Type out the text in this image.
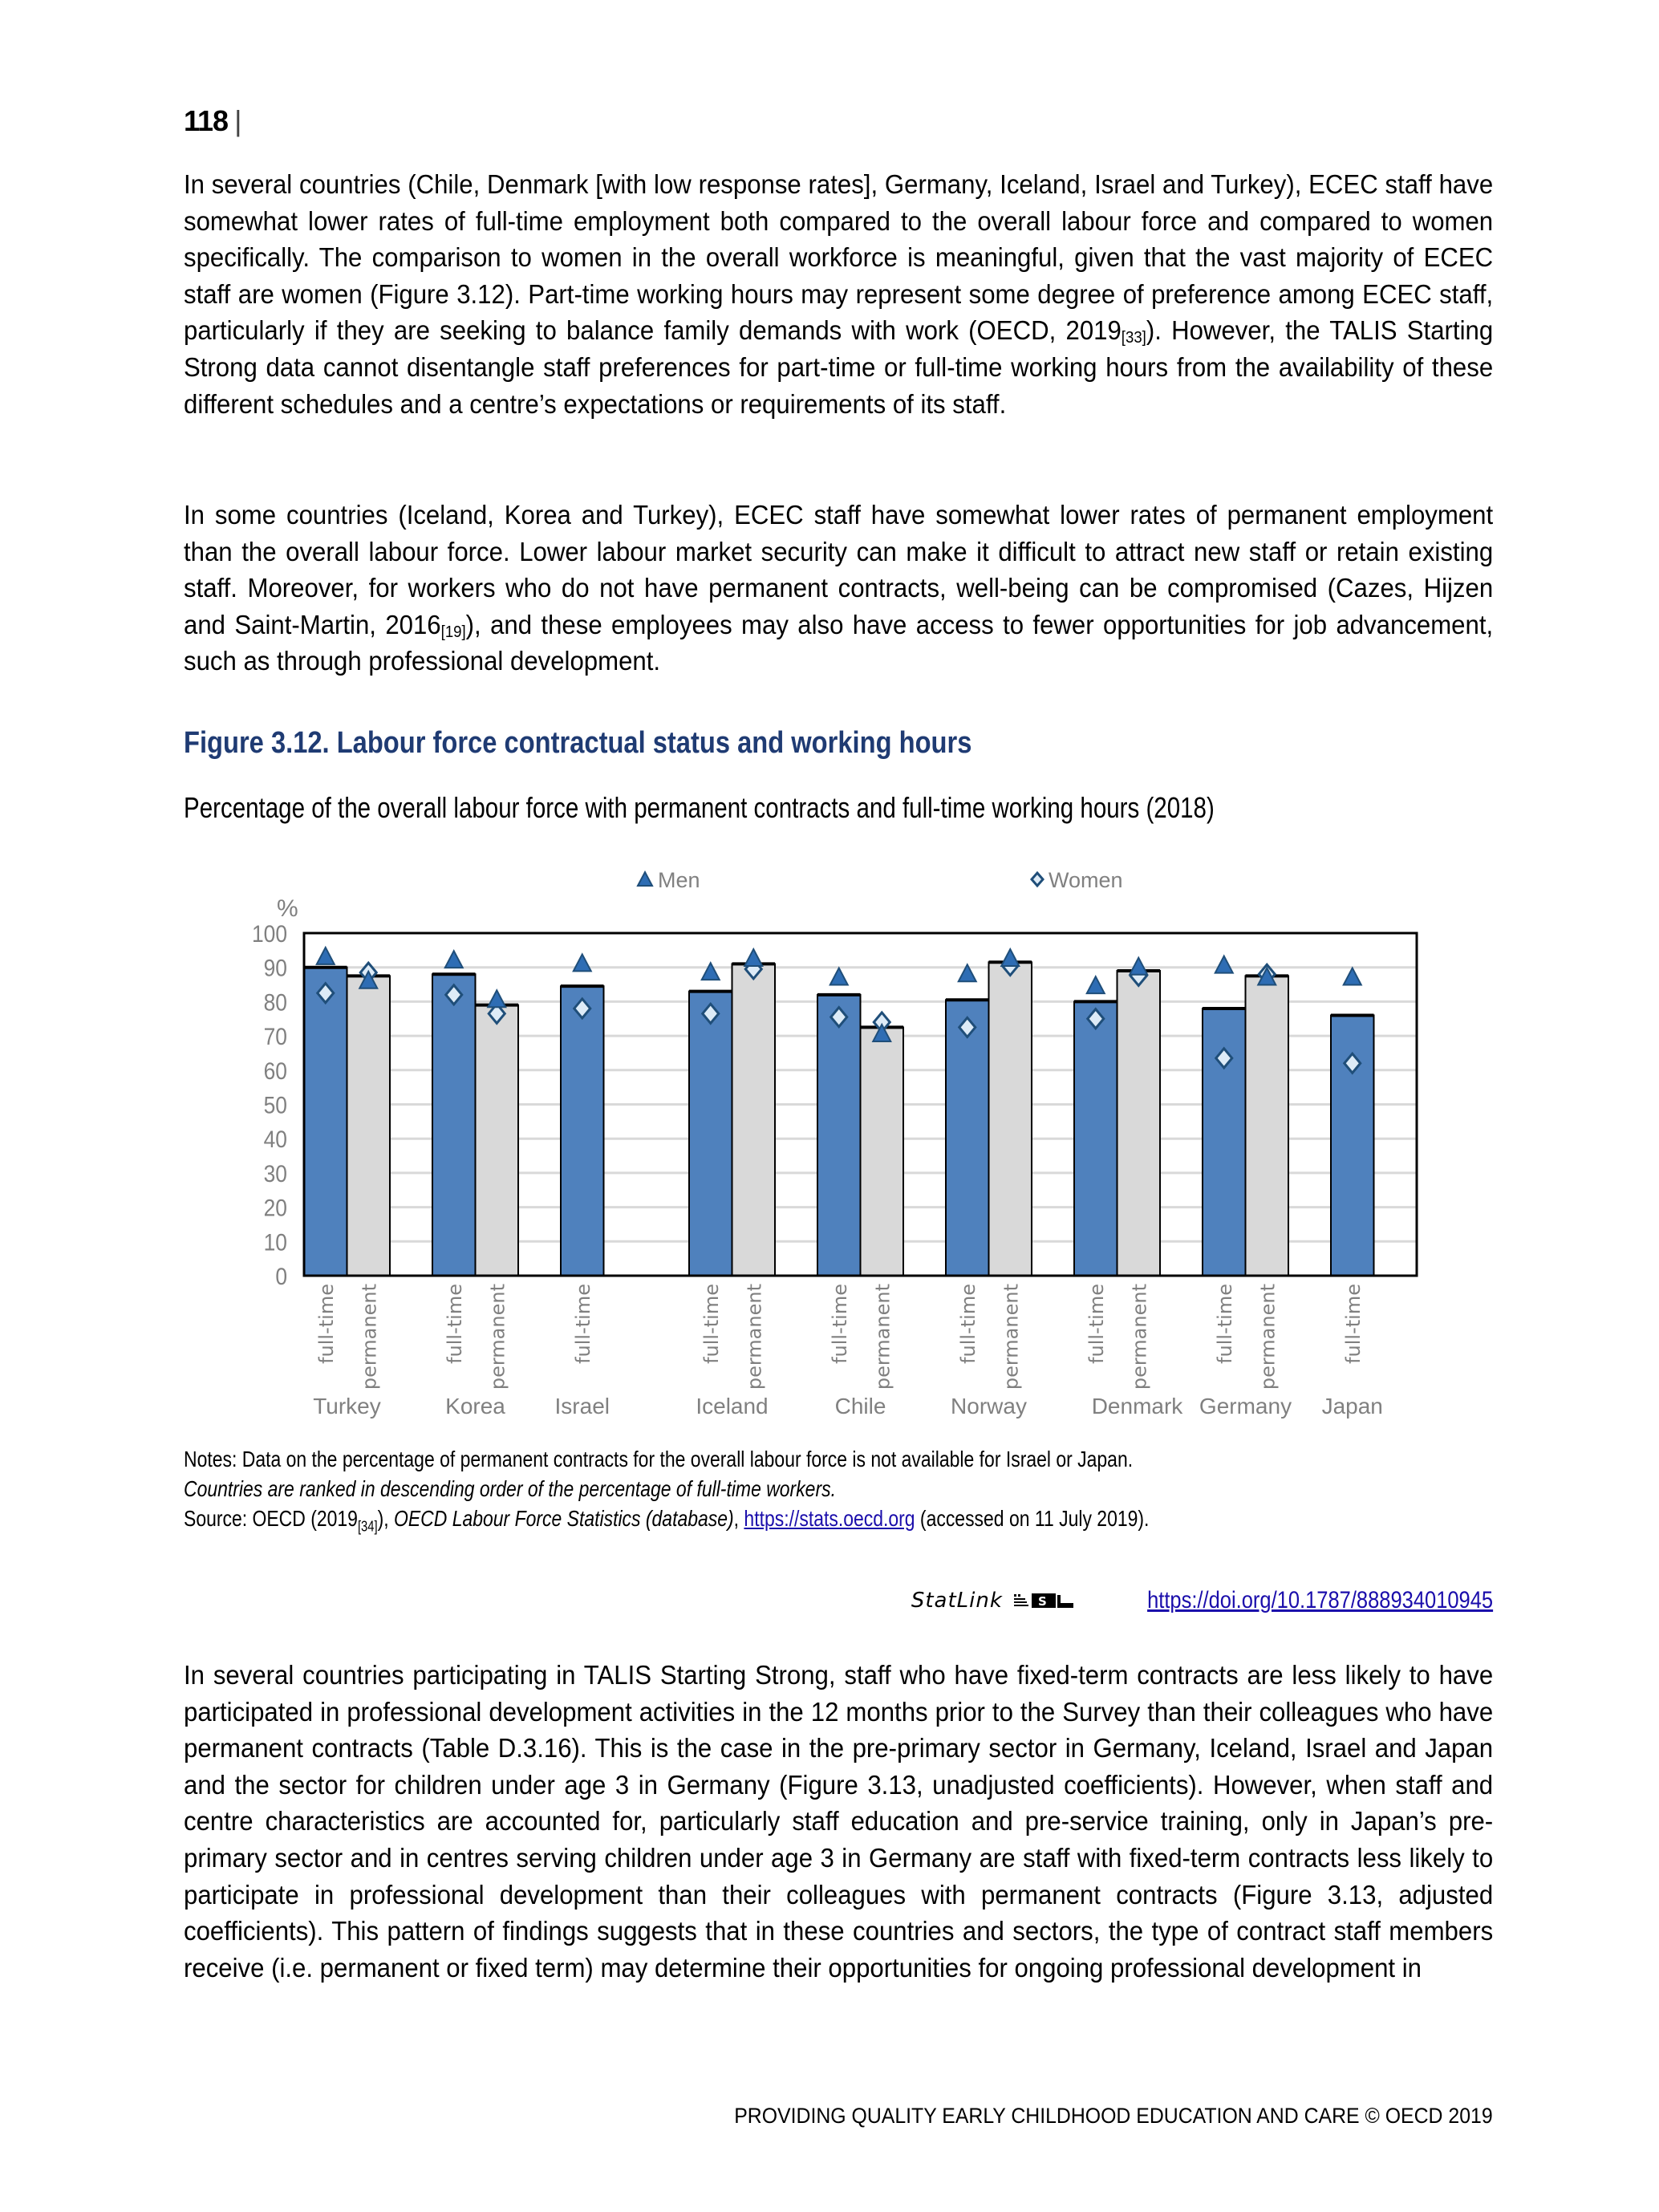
118 |

In several countries (Chile, Denmark [with low response rates], Germany, Iceland, Israel and Turkey), ECEC staff have somewhat lower rates of full-time employment both compared to the overall labour force and compared to women specifically. The comparison to women in the overall workforce is meaningful, given that the vast majority of ECEC staff are women (Figure 3.12). Part-time working hours may represent some degree of preference among ECEC staff, particularly if they are seeking to balance family demands with work (OECD, $2019_{[33]}$). However, the TALIS Starting Strong data cannot disentangle staff preferences for part-time or full-time working hours from the availability of these different schedules and a centre’s expectations or requirements of its staff.

In some countries (Iceland, Korea and Turkey), ECEC staff have somewhat lower rates of permanent employment than the overall labour force. Lower labour market security can make it difficult to attract new staff or retain existing staff. Moreover, for workers who do not have permanent contracts, well-being can be compromised (Cazes, Hijzen and Saint-Martin, $2016_{[19]}$), and these employees may also have access to fewer opportunities for job advancement, such as through professional development.

Figure 3.12. Labour force contractual status and working hours
Percentage of the overall labour force with permanent contracts and full-time working hours (2018)
Men	Women
%
0
10
20
30
40
50
60
70
80
90
100
full-time permanent
Turkey
full-time permanent
Korea
full-time
Israel
full-time permanent
Iceland
full-time permanent
Chile
full-time permanent
Norway
full-time permanent
Denmark
full-time permanent
Germany
full-time
Japan
Notes: Data on the percentage of permanent contracts for the overall labour force is not available for Israel or Japan.
Countries are ranked in descending order of the percentage of full-time workers.
Source: OECD $(2019_{[34]})$, OECD Labour Force Statistics (database), https://stats.oecd.org (accessed on 11 July 2019).
StatLink	S	https://doi.org/10.1787/888934010945

In several countries participating in TALIS Starting Strong, staff who have fixed-term contracts are less likely to have participated in professional development activities in the 12 months prior to the Survey than their colleagues who have permanent contracts (Table D.3.16). This is the case in the pre-primary sector in Germany, Iceland, Israel and Japan and the sector for children under age 3 in Germany (Figure 3.13, unadjusted coefficients). However, when staff and centre characteristics are accounted for, particularly staff education and pre-service training, only in Japan’s pre-primary sector and in centres serving children under age 3 in Germany are staff with fixed-term contracts less likely to participate in professional development than their colleagues with permanent contracts (Figure 3.13, adjusted coefficients). This pattern of findings suggests that in these countries and sectors, the type of contract staff members receive (i.e. permanent or fixed term) may determine their opportunities for ongoing professional development in

PROVIDING QUALITY EARLY CHILDHOOD EDUCATION AND CARE © OECD 2019
